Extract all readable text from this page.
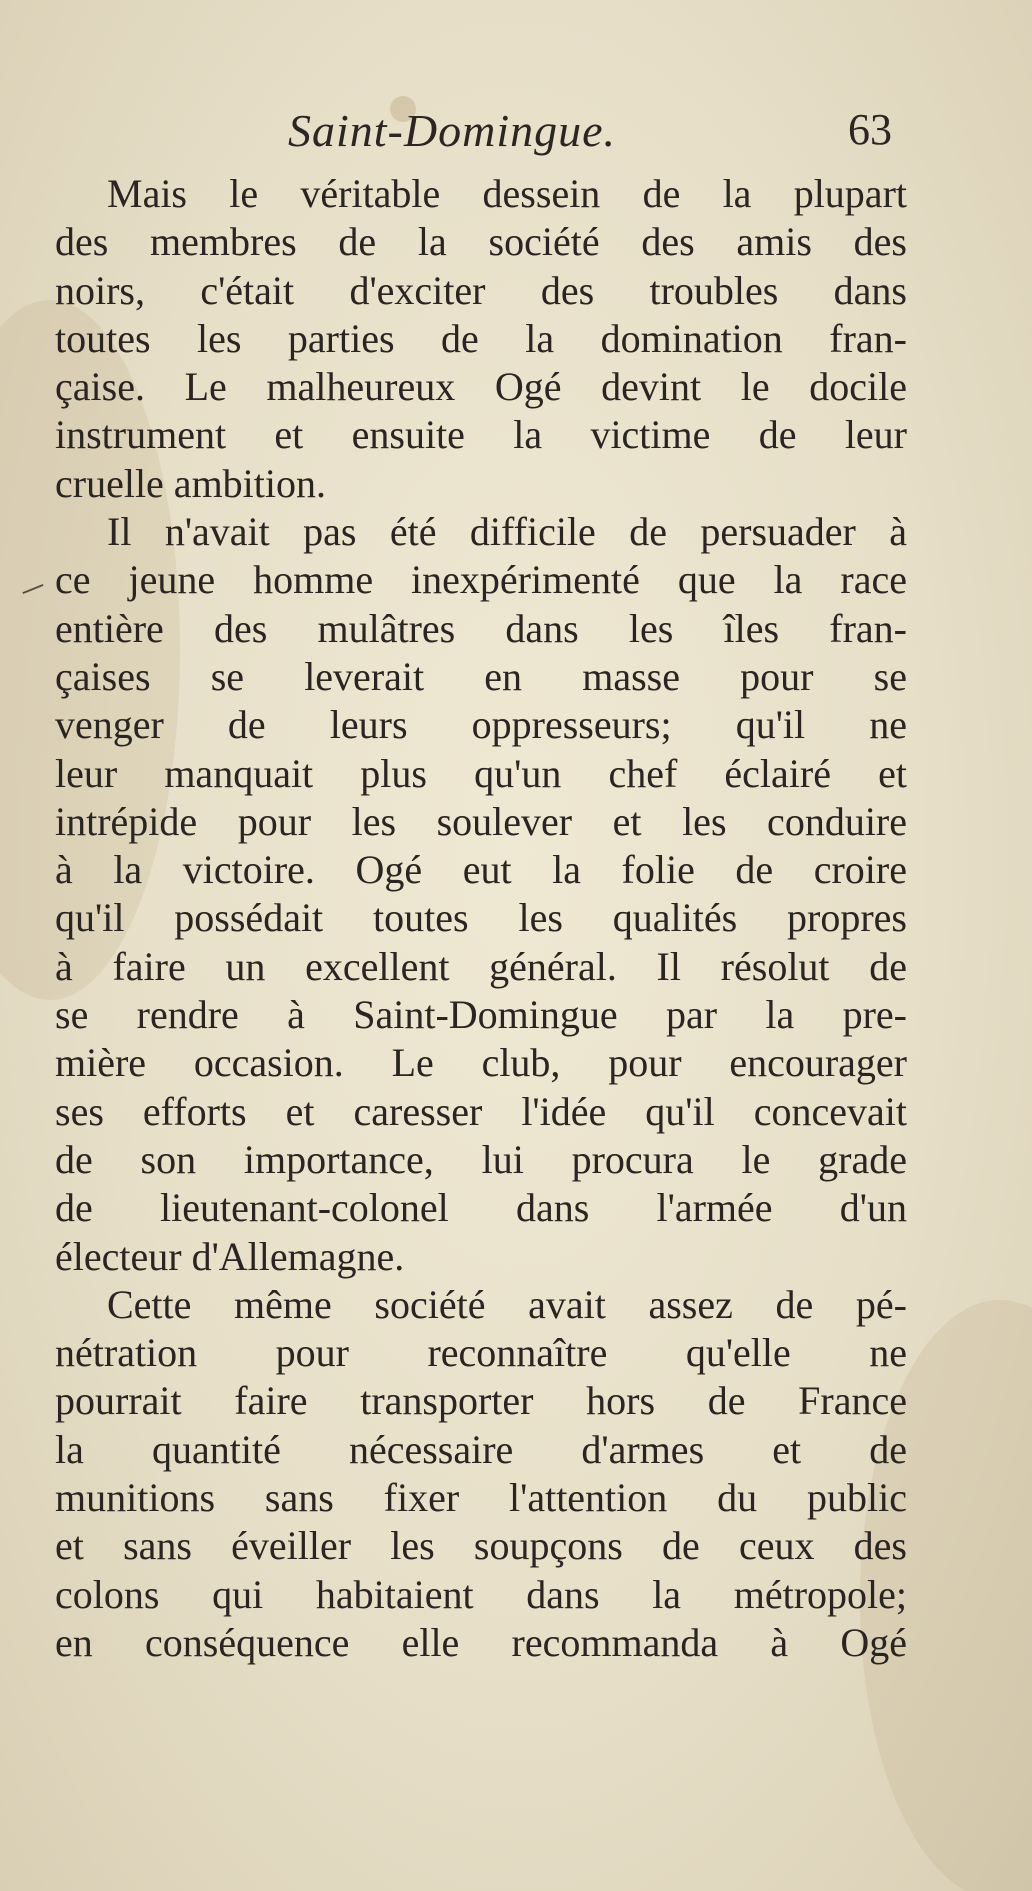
Saint-Domingue.	63
Mais le véritable dessein de la plupart
des membres de la société des amis des
noirs, c'était d'exciter des troubles dans
toutes les parties de la domination fran-
çaise. Le malheureux Ogé devint le docile
instrument et ensuite la victime de leur
cruelle ambition.
Il n'avait pas été difficile de persuader à
ce jeune homme inexpérimenté que la race
entière des mulâtres dans les îles fran-
çaises se leverait en masse pour se
venger de leurs oppresseurs; qu'il ne
leur manquait plus qu'un chef éclairé et
intrépide pour les soulever et les conduire
à la victoire. Ogé eut la folie de croire
qu'il possédait toutes les qualités propres
à faire un excellent général. Il résolut de
se rendre à Saint-Domingue par la pre-
mière occasion. Le club, pour encourager
ses efforts et caresser l'idée qu'il concevait
de son importance, lui procura le grade
de lieutenant-colonel dans l'armée d'un
électeur d'Allemagne.
Cette même société avait assez de pé-
nétration pour reconnaître qu'elle ne
pourrait faire transporter hors de France
la quantité nécessaire d'armes et de
munitions sans fixer l'attention du public
et sans éveiller les soupçons de ceux des
colons qui habitaient dans la métropole;
en conséquence elle recommanda à Ogé
